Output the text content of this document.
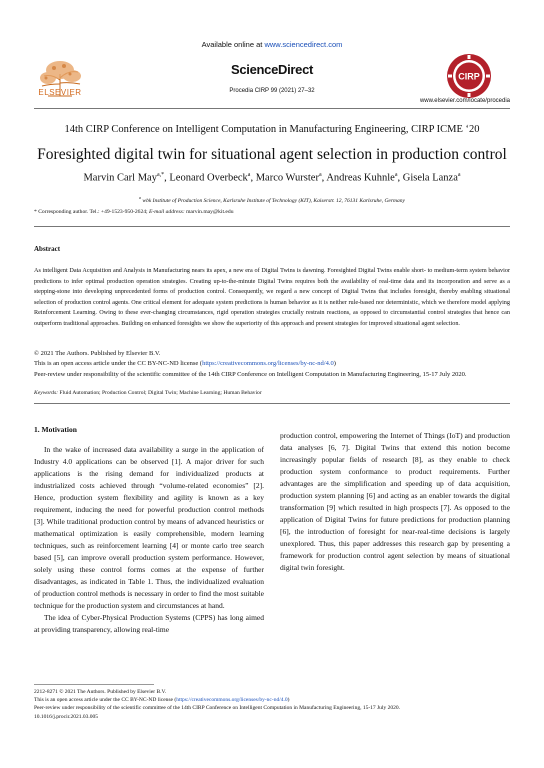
Available online at www.sciencedirect.com
ELSEVIER
ScienceDirect
Procedia CIRP 99 (2021) 27–32
CIRP
www.elsevier.com/locate/procedia
14th CIRP Conference on Intelligent Computation in Manufacturing Engineering, CIRP ICME ‘20
Foresighted digital twin for situational agent selection in production control
Marvin Carl May$^{a,*}$, Leonard Overbeck$^a$, Marco Wurster$^a$, Andreas Kuhnle$^a$, Gisela Lanza$^a$
$^a$ wbk Institute of Production Science, Karlsruhe Institute of Technology (KIT), Kaiserstr. 12, 76131 Karlsruhe, Germany
* Corresponding author. Tel.: +49-1523-950-2624; E-mail address: marvin.may@kit.edu
Abstract
As intelligent Data Acquisition and Analysis in Manufacturing nears its apex, a new era of Digital Twins is dawning. Foresighted Digital Twins enable short- to medium-term system behavior predictions to infer optimal production operation strategies. Creating up-to-the-minute Digital Twins requires both the availability of real-time data and its incorporation and serve as a stepping-stone into developing unprecedented forms of production control. Consequently, we regard a new concept of Digital Twins that includes foresight, thereby enabling situational selection of production control agents. One critical element for adequate system predictions is human behavior as it is neither rule-based nor deterministic, which we therefore model applying Reinforcement Learning. Owing to these ever-changing circumstances, rigid operation strategies crucially restrain reactions, as opposed to circumstantial control strategies that hence can outperform traditional approaches. Building on enhanced foresights we show the superiority of this approach and present strategies for improved situational agent selection.
© 2021 The Authors. Published by Elsevier B.V.
This is an open access article under the CC BY-NC-ND license (https://creativecommons.org/licenses/by-nc-nd/4.0)
Peer-review under responsibility of the scientific committee of the 14th CIRP Conference on Intelligent Computation in Manufacturing Engineering, 15-17 July 2020.
Keywords: Fluid Automation; Production Control; Digital Twin; Machine Learning; Human Behavior
1. Motivation

In the wake of increased data availability a surge in the application of Industry 4.0 applications can be observed [1]. A major driver for such applications is the rising demand for individualized products at industrialized costs achieved through “volume-related economies” [2]. Hence, production system flexibility and agility is known as a key requirement, inducing the need for powerful production control methods [3]. While traditional production control by means of advanced heuristics or mathematical optimization is easily comprehensible, modern learning techniques, such as reinforcement learning [4] or monte carlo tree search based [5], can improve overall production system performance. However, solely using these control forms comes at the expense of further disadvantages, as indicated in Table 1. Thus, the individualized evaluation of production control methods is necessary in order to find the most suitable technique for the production system and circumstances at hand.

The idea of Cyber-Physical Production Systems (CPPS) has long aimed at providing transparency, allowing real-time

production control, empowering the Internet of Things (IoT) and production data analyses [6, 7]. Digital Twins that extend this notion become increasingly popular fields of research [8], as they enable to check production system conformance to product requirements. Further advantages are the simplification and speeding up of data acquisition, production system planning [6] and acting as an enabler towards the digital transformation [9] which resulted in high prospects [7]. As opposed to the application of Digital Twins for future predictions for production planning [6], the introduction of foresight for near-real-time decisions is largely unexplored. Thus, this paper addresses this research gap by presenting a framework for production control agent selection by means of situational digital twin foresight.

2212-8271 © 2021 The Authors. Published by Elsevier B.V.
This is an open access article under the CC BY-NC-ND license (https://creativecommons.org/licenses/by-nc-nd/4.0)
Peer-review under responsibility of the scientific committee of the 14th CIRP Conference on Intelligent Computation in Manufacturing Engineering, 15-17 July 2020.
10.1016/j.procir.2021.03.005
